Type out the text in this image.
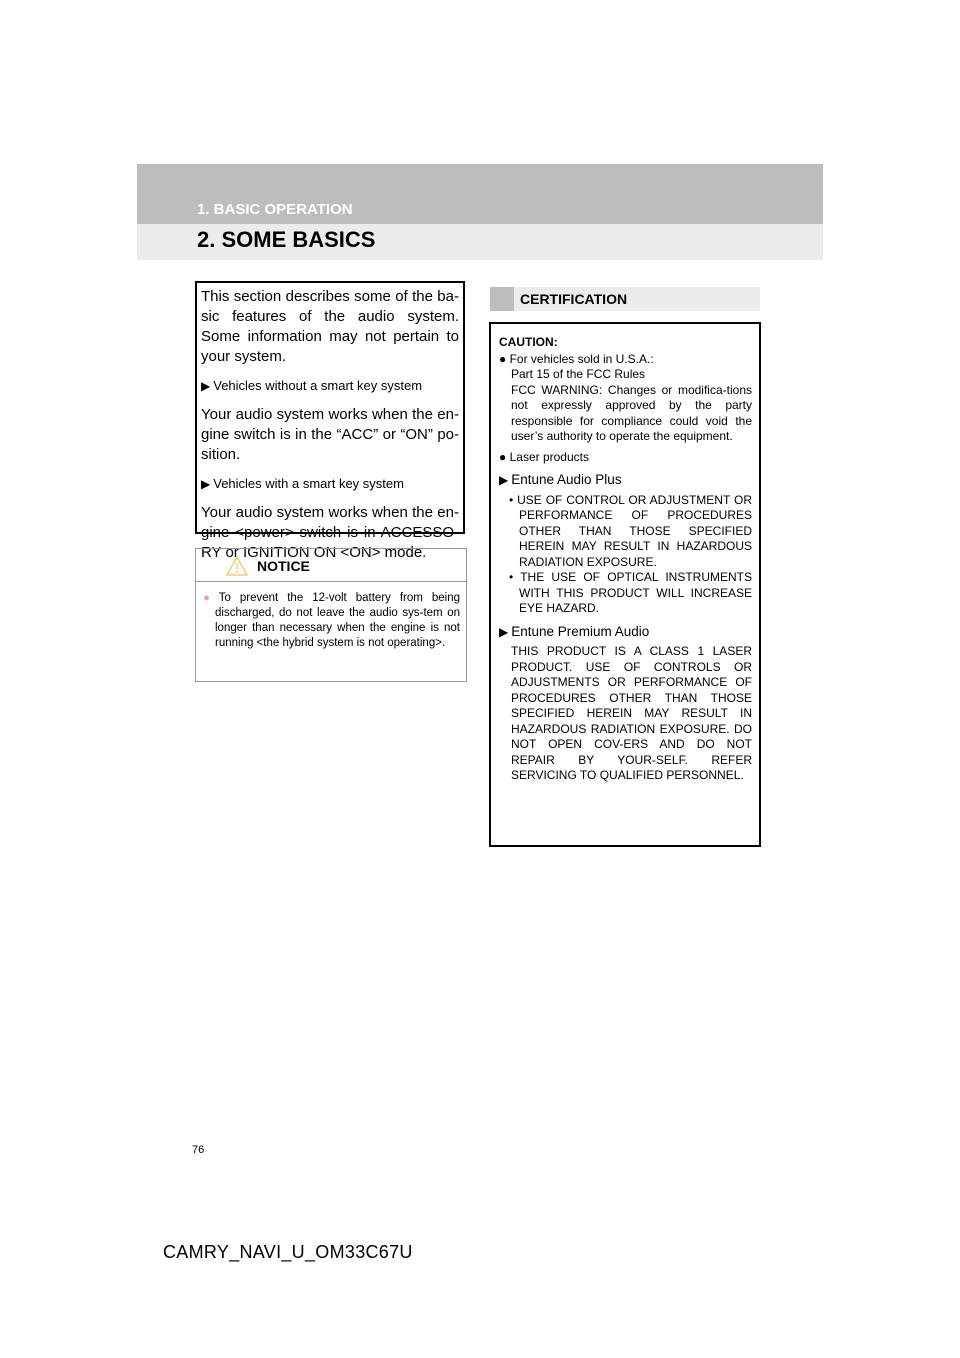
1. BASIC OPERATION
2. SOME BASICS

This section describes some of the ba-sic features of the audio system. Some information may not pertain to your system.

▶ Vehicles without a smart key system

Your audio system works when the en-gine switch is in the “ACC” or “ON” po-sition.

▶ Vehicles with a smart key system

Your audio system works when the en-gine <power> switch is in ACCESSO-RY or IGNITION ON <ON> mode.

NOTICE
● To prevent the 12-volt battery from being discharged, do not leave the audio sys-tem on longer than necessary when the engine is not running <the hybrid system is not operating>.
CERTIFICATION
CAUTION:
● For vehicles sold in U.S.A.:
Part 15 of the FCC Rules
FCC WARNING: Changes or modifica-tions not expressly approved by the party responsible for compliance could void the user’s authority to operate the equipment.
● Laser products
▶ Entune Audio Plus
• USE OF CONTROL OR ADJUSTMENT OR PERFORMANCE OF PROCEDURES OTHER THAN THOSE SPECIFIED HEREIN MAY RESULT IN HAZARDOUS RADIATION EXPOSURE.
• THE USE OF OPTICAL INSTRUMENTS WITH THIS PRODUCT WILL INCREASE EYE HAZARD.
▶ Entune Premium Audio
THIS PRODUCT IS A CLASS 1 LASER PRODUCT. USE OF CONTROLS OR ADJUSTMENTS OR PERFORMANCE OF PROCEDURES OTHER THAN THOSE SPECIFIED HEREIN MAY RESULT IN HAZARDOUS RADIATION EXPOSURE. DO NOT OPEN COV-ERS AND DO NOT REPAIR BY YOUR-SELF. REFER SERVICING TO QUALIFIED PERSONNEL.
76
CAMRY_NAVI_U_OM33C67U
